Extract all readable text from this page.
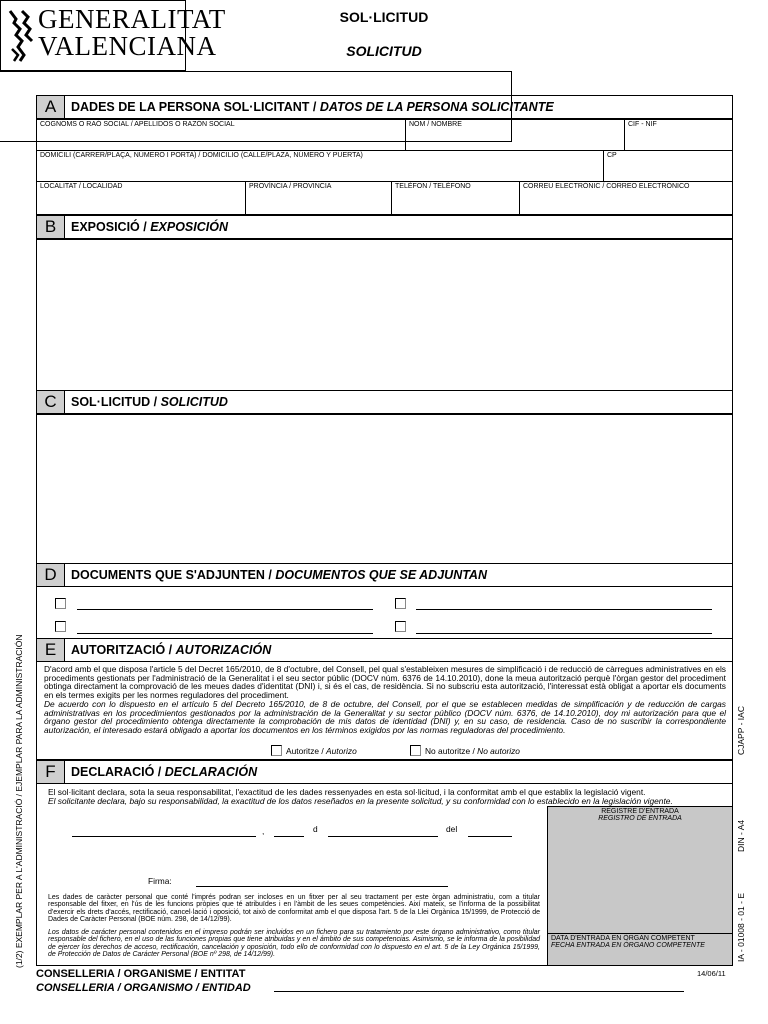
GENERALITAT
VALENCIANA
SOL·LICITUD
SOLICITUD
A	DADES DE LA PERSONA SOL·LICITANT / DATOS DE LA PERSONA SOLICITANTE
COGNOMS O RAÓ SOCIAL / APELLIDOS O RAZÓN SOCIAL	NOM / NOMBRE	CIF - NIF
DOMICILI (CARRER/PLAÇA, NÚMERO I PORTA) / DOMICILIO (CALLE/PLAZA, NÚMERO Y PUERTA)	CP
LOCALITAT / LOCALIDAD	PROVÍNCIA / PROVINCIA	TELÈFON / TELÉFONO	CORREU ELECTRÒNIC / CORREO ELECTRÓNICO
B	EXPOSICIÓ / EXPOSICIÓN
C	SOL·LICITUD / SOLICITUD
D	DOCUMENTS QUE S'ADJUNTEN / DOCUMENTOS QUE SE ADJUNTAN
E	AUTORITZACIÓ / AUTORIZACIÓN
D'acord amb el que disposa l'article 5 del Decret 165/2010, de 8 d'octubre, del Consell, pel qual s'estableixen mesures de simplificació i de reducció de càrregues administratives en els procediments gestionats per l'administració de la Generalitat i el seu sector públic (DOCV núm. 6376 de 14.10.2010), done la meua autorització perquè l'òrgan gestor del procediment obtinga directament la comprovació de les meues dades d'identitat (DNI) i, si és el cas, de residència. Si no subscriu esta autorització, l'interessat està obligat a aportar els documents en els termes exigits per les normes reguladores del procediment.
De acuerdo con lo dispuesto en el artículo 5 del Decreto 165/2010, de 8 de octubre, del Consell, por el que se establecen medidas de simplificación y de reducción de cargas administrativas en los procedimientos gestionados por la administración de la Generalitat y su sector público (DOCV núm. 6376, de 14.10.2010), doy mi autorización para que el órgano gestor del procedimiento obtenga directamente la comprobación de mis datos de identidad (DNI) y, en su caso, de residencia. Caso de no suscribir la correspondiente autorización, el interesado estará obligado a aportar los documentos en los términos exigidos por las normas reguladoras del procedimiento.
Autoritze / Autorizo	No autoritze / No autorizo
F	DECLARACIÓ / DECLARACIÓN
El sol·licitant declara, sota la seua responsabilitat, l'exactitud de les dades ressenyades en esta sol·licitud, i la conformitat amb el que establix la legislació vigent.
El solicitante declara, bajo su responsabilidad, la exactitud de los datos reseñados en la presente solicitud, y su conformidad con lo establecido en la legislación vigente.
,	d	del
Firma:
Les dades de caràcter personal que conté l'imprés podran ser incloses en un fitxer per al seu tractament per este òrgan administratiu, com a titular responsable del fitxer, en l'ús de les funcions pròpies que té atribuïdes i en l'àmbit de les seues competències. Així mateix, se l'informa de la possibilitat d'exercir els drets d'accés, rectificació, cancel·lació i oposició, tot això de conformitat amb el que disposa l'art. 5 de la Llei Orgànica 15/1999, de Protecció de Dades de Caràcter Personal (BOE núm. 298, de 14/12/99).
Los datos de carácter personal contenidos en el impreso podrán ser incluidos en un fichero para su tratamiento por este órgano administrativo, como titular responsable del fichero, en el uso de las funciones propias que tiene atribuidas y en el ámbito de sus competencias. Asimismo, se le informa de la posibilidad de ejercer los derechos de acceso, rectificación, cancelación y oposición, todo ello de conformidad con lo dispuesto en el art. 5 de la Ley Orgánica 15/1999, de Protección de Datos de Carácter Personal (BOE nº 298, de 14/12/99).
REGISTRE D'ENTRADA
REGISTRO DE ENTRADA
DATA D'ENTRADA EN ÒRGAN COMPETENT
FECHA ENTRADA EN ÓRGANO COMPETENTE
CONSELLERIA / ORGANISME / ENTITAT
CONSELLERIA / ORGANISMO / ENTIDAD
14/06/11
(1/2) EXEMPLAR PER A L'ADMINISTRACIÓ / EJEMPLAR PARA LA ADMINISTRACIÓN	CJAPP - IAC
DIN - A4
IA - 01008 - 01 - E
